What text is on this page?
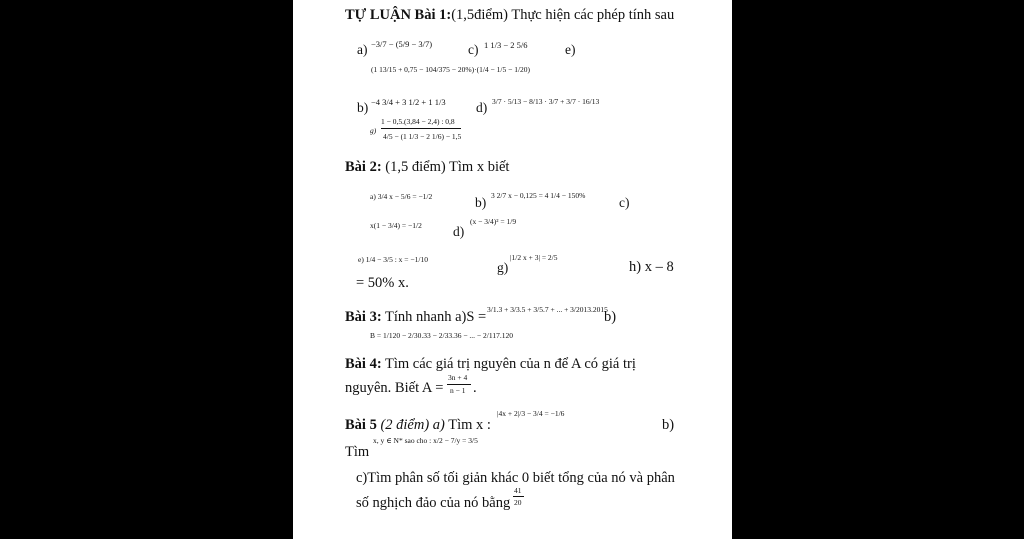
TỰ LUẬN Bài 1:(1,5điểm) Thực hiện các phép tính sau
a) −3/7 − (5/9 − 3/7)	c) 1 1/3 − 2 5/6	e)
(1 13/15 + 0,75 − 104/375 − 20%)·(1/4 − 1/5 − 1/20)
b) −4 3/4 + 3 1/2 + 1 1/3 d) 3/7 · 5/13 − 8/13 · 3/7 + 3/7 · 16/13
g)
1 − 0,5.(3,84 − 2,4) : 0,8
4/5 − (1 1/3 − 2 1/6) − 1,5
Bài 2: (1,5 điểm) Tìm x biết
a) 3/4 x − 5/6 = −1/2	b) 3 2/7 x − 0,125 = 4 1/4 − 150% c)
x(1 − 3/4) = −1/2 d)
(x − 3/4)² = 1/9
e) 1/4 − 3/5 : x = −1/10
g)
|1/2 x + 3| = 2/5
h) x – 8
= 50% x.
Bài 3: Tính nhanh a)S = 3/1.3 + 3/3.5 + 3/5.7 + ... + 3/2013.2015
b)
B = 1/120 − 2/30.33 − 2/33.36 − ... − 2/117.120
Bài 4: Tìm các giá trị nguyên của n để A có giá trị
nguyên. Biết A =
3n + 4
n − 1 .
Bài 5 (2 điểm) a) Tìm x :
|4x + 2|/3 − 3/4 = −1/6
b)
Tìm
x, y ∈ N* sao cho : x/2 − 7/y = 3/5
c)Tìm phân số tối giản khác 0 biết tổng của nó và phân
số nghịch đảo của nó bằng
41
20
